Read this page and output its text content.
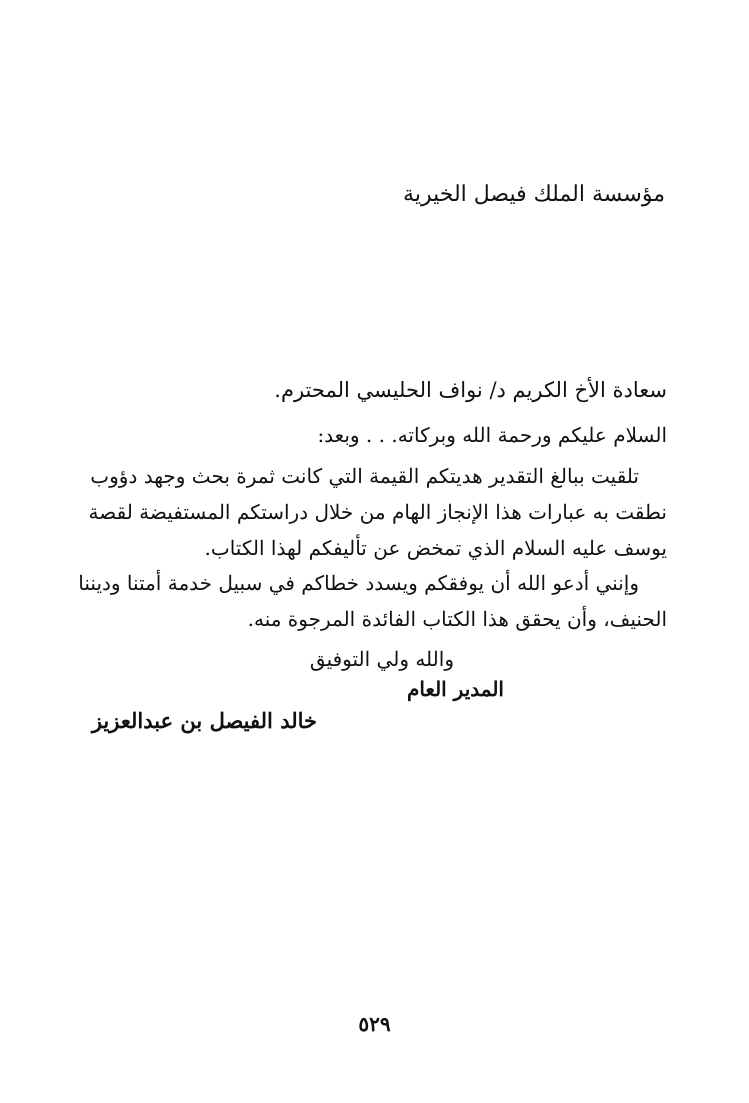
مؤسسة الملك فيصل الخيرية
سعادة الأخ الكريم د/ نواف الحليسي المحترم.
السلام عليكم ورحمة الله وبركاته. . . وبعد:
تلقيت ببالغ التقدير هديتكم القيمة التي كانت ثمرة بحث وجهد دؤوب
نطقت به عبارات هذا الإنجاز الهام من خلال دراستكم المستفيضة لقصة
يوسف عليه السلام الذي تمخض عن تأليفكم لهذا الكتاب.
وإنني أدعو الله أن يوفقكم ويسدد خطاكم في سبيل خدمة أمتنا وديننا
الحنيف، وأن يحقق هذا الكتاب الفائدة المرجوة منه.
والله ولي التوفيق
المدير العام
خالد الفيصل بن عبدالعزيز
٥٢٩
